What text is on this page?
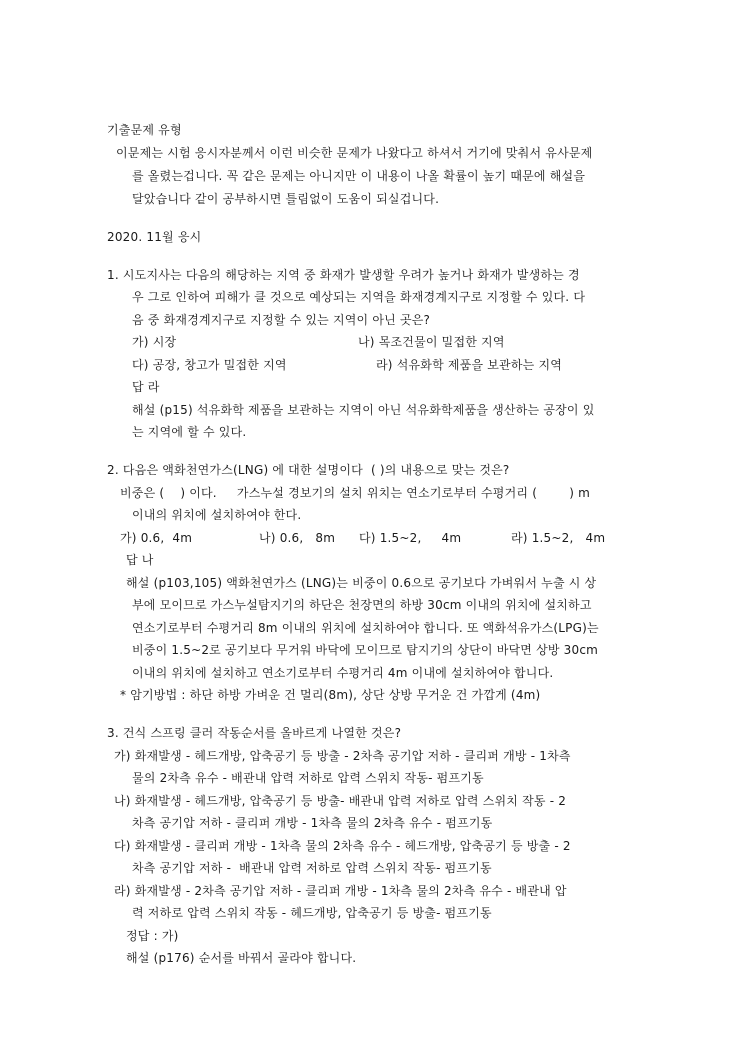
기출문제 유형
이문제는 시험 응시자분께서 이런 비슷한 문제가 나왔다고 하셔서 거기에 맞춰서 유사문제
를 올렸는겁니다. 꼭 같은 문제는 아니지만 이 내용이 나올 확률이 높기 때문에 해설을
달았습니다 같이 공부하시면 틀림없이 도움이 되실겁니다.
2020. 11월 응시
1. 시도지사는 다음의 해당하는 지역 중 화재가 발생할 우려가 높거나 화재가 발생하는 경
우 그로 인하여 피해가 클 것으로 예상되는 지역을 화재경계지구로 지정할 수 있다. 다
음 중 화재경계지구로 지정할 수 있는 지역이 아닌 곳은?
가) 시장	나) 목조건물이 밀접한 지역
다) 공장, 창고가 밀접한 지역	라) 석유화학 제품을 보관하는 지역
답 라
해설 (p15) 석유화학 제품을 보관하는 지역이 아닌 석유화학제품을 생산하는 공장이 있
는 지역에 할 수 있다.
2. 다음은 액화천연가스(LNG) 에 대한 설명이다  ( )의 내용으로 맞는 것은?
비중은 (    ) 이다.     가스누설 경보기의 설치 위치는 연소기로부터 수평거리 (        ) m
이내의 위치에 설치하여야 한다.
가) 0.6,  4m	나) 0.6,   8m 다) 1.5~2,     4m	라) 1.5~2,   4m
답 나
해설 (p103,105) 액화천연가스 (LNG)는 비중이 0.6으로 공기보다 가벼워서 누출 시 상
부에 모이므로 가스누설탐지기의 하단은 천장면의 하방 30cm 이내의 위치에 설치하고
연소기로부터 수평거리 8m 이내의 위치에 설치하여야 합니다. 또 액화석유가스(LPG)는
비중이 1.5~2로 공기보다 무거워 바닥에 모이므로 탐지기의 상단이 바닥면 상방 30cm
이내의 위치에 설치하고 연소기로부터 수평거리 4m 이내에 설치하여야 합니다.
* 암기방법 : 하단 하방 가벼운 건 멀리(8m), 상단 상방 무거운 건 가깝게 (4m)
3. 건식 스프링 클러 작동순서를 올바르게 나열한 것은?
가) 화재발생 - 헤드개방, 압축공기 등 방출 - 2차측 공기압 저하 - 클리퍼 개방 - 1차측
물의 2차측 유수 - 배관내 압력 저하로 압력 스위치 작동- 펌프기동
나) 화재발생 - 헤드개방, 압축공기 등 방출- 배관내 압력 저하로 압력 스위치 작동 - 2
차측 공기압 저하 - 클리퍼 개방 - 1차측 물의 2차측 유수 - 펌프기동
다) 화재발생 - 클리퍼 개방 - 1차측 물의 2차측 유수 - 헤드개방, 압축공기 등 방출 - 2
차측 공기압 저하 -  배관내 압력 저하로 압력 스위치 작동- 펌프기동
라) 화재발생 - 2차측 공기압 저하 - 클리퍼 개방 - 1차측 물의 2차측 유수 - 배관내 압
력 저하로 압력 스위치 작동 - 헤드개방, 압축공기 등 방출- 펌프기동
정답 : 가)
해설 (p176) 순서를 바꿔서 골라야 합니다.
